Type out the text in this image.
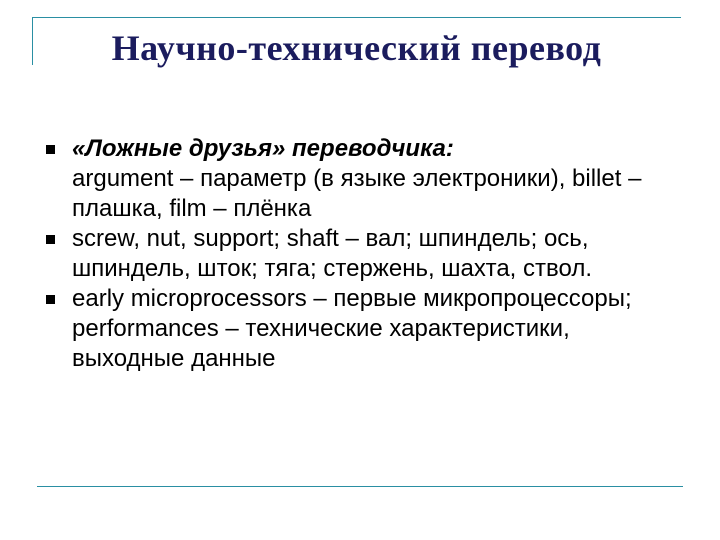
Научно-технический перевод
«Ложные друзья» переводчика:
argument – параметр (в языке электроники), billet – плашка, film – плёнка
screw, nut, support; shaft – вал; шпиндель; ось, шпиндель, шток; тяга; стержень, шахта, ствол.
early microprocessors – первые микропроцессоры; performances – технические характеристики, выходные данные
